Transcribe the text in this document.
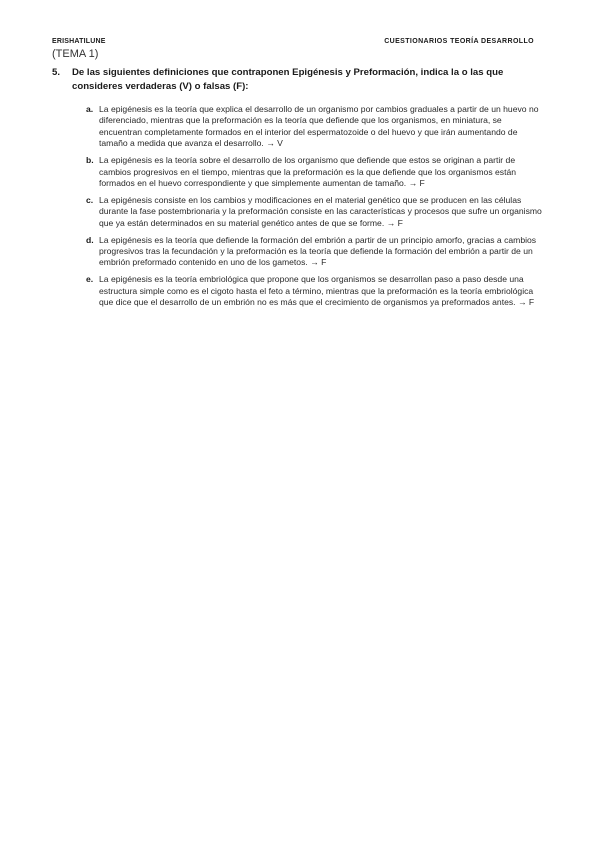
ERISHATILUNE	CUESTIONARIOS TEORÍA DESARROLLO
(TEMA 1)
5.	De las siguientes definiciones que contraponen Epigénesis y Preformación, indica la o las que consideres verdaderas (V) o falsas (F):
a. La epigénesis es la teoría que explica el desarrollo de un organismo por cambios graduales a partir de un huevo no diferenciado, mientras que la preformación es la teoría que defiende que los organismos, en miniatura, se encuentran completamente formados en el interior del espermatozoide o del huevo y que irán aumentando de tamaño a medida que avanza el desarrollo. → V
b. La epigénesis es la teoría sobre el desarrollo de los organismo que defiende que estos se originan a partir de cambios progresivos en el tiempo, mientras que la preformación es la que defiende que los organismos están formados en el huevo correspondiente y que simplemente aumentan de tamaño. → F
c. La epigénesis consiste en los cambios y modificaciones en el material genético que se producen en las células durante la fase postembrionaria y la preformación consiste en las características y procesos que sufre un organismo que ya están determinados en su material genético antes de que se forme. → F
d. La epigénesis es la teoría que defiende la formación del embrión a partir de un principio amorfo, gracias a cambios progresivos tras la fecundación y la preformación es la teoría que defiende la formación del embrión a partir de un embrión preformado contenido en uno de los gametos. → F
e. La epigénesis es la teoría embriológica que propone que los organismos se desarrollan paso a paso desde una estructura simple como es el cigoto hasta el feto a término, mientras que la preformación es la teoría embriológica que dice que el desarrollo de un embrión no es más que el crecimiento de organismos ya preformados antes. → F
